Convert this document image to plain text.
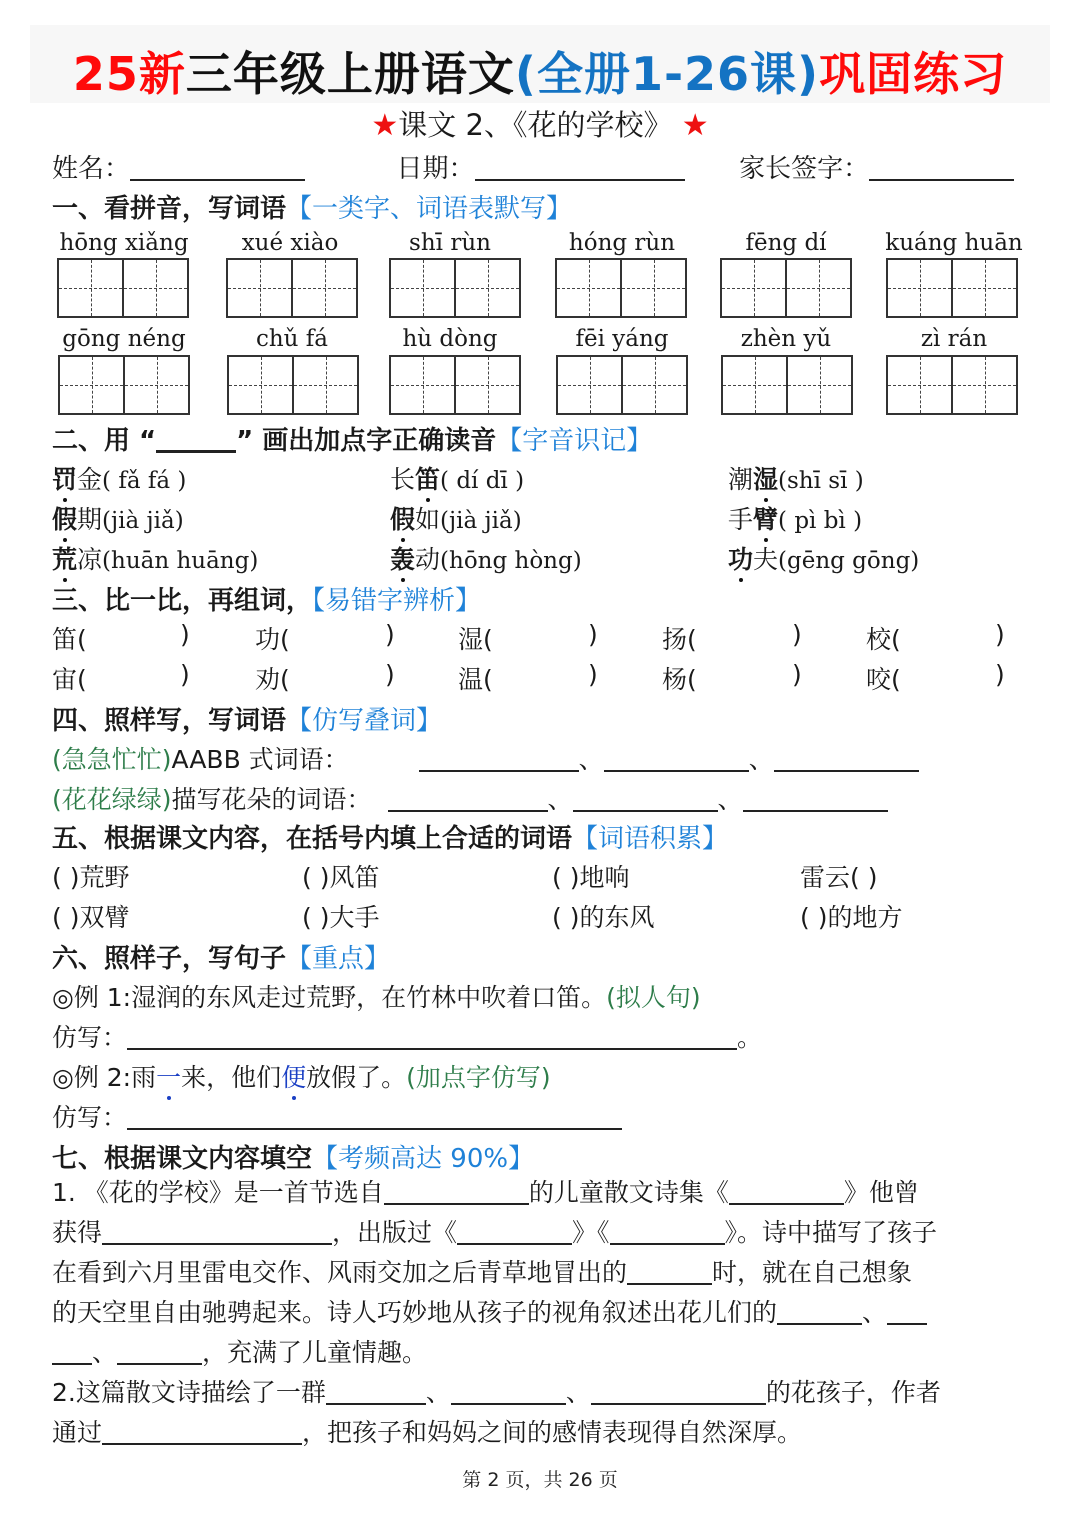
25新三年级上册语文(全册1-26课)巩固练习
★课文 2、《花的学校》 ★
姓名：	日期：	家长签字：
一、看拼音，写词语【一类字、词语表默写】
hōng xiǎng	xué xiào	shī rùn	hóng rùn	fēng dí	kuáng huān
gōng néng	chǔ fá	hù dòng	fēi yáng	zhèn yǔ	zì rán
二、用 “	” 画出加点字正确读音【字音识记】
罚金( fǎ fá )	长笛( dí dī )	潮湿(shī sī )
假期(jià jiǎ)	假如(jià jiǎ)	手臂( pì bì )
荒凉(huān huāng)	轰动(hōng hòng)	功夫(gēng gōng)
三、比一比，再组词，【易错字辨析】
笛(	)	功(	)	湿(	)	扬(	)	校(	)
宙(	)	劝(	)	温(	)	杨(	)	咬(	)
四、照样写，写词语【仿写叠词】
(急急忙忙)AABB 式词语：	、	、
(花花绿绿)描写花朵的词语：	、	、
五、根据课文内容，在括号内填上合适的词语【词语积累】
( )荒野	( )风笛	( )地响	雷云( )
( )双臂	( )大手	( )的东风	( )的地方
六、照样子，写句子【重点】
◎例 1:湿润的东风走过荒野，在竹林中吹着口笛。(拟人句)
仿写：	。
◎例 2:雨一来，他们便放假了。(加点字仿写)
仿写：
七、根据课文内容填空【考频高达 90%】
1. 《花的学校》是一首节选自	的儿童散文诗集《	》他曾
获得	，出版过《	》《	》。诗中描写了孩子
在看到六月里雷电交作、风雨交加之后青草地冒出的	时，就在自己想象
的天空里自由驰骋起来。诗人巧妙地从孩子的视角叙述出花儿们的	、
、	，充满了儿童情趣。
2.这篇散文诗描绘了一群	、	、	的花孩子，作者
通过	，把孩子和妈妈之间的感情表现得自然深厚。
第 2 页，共 26 页
